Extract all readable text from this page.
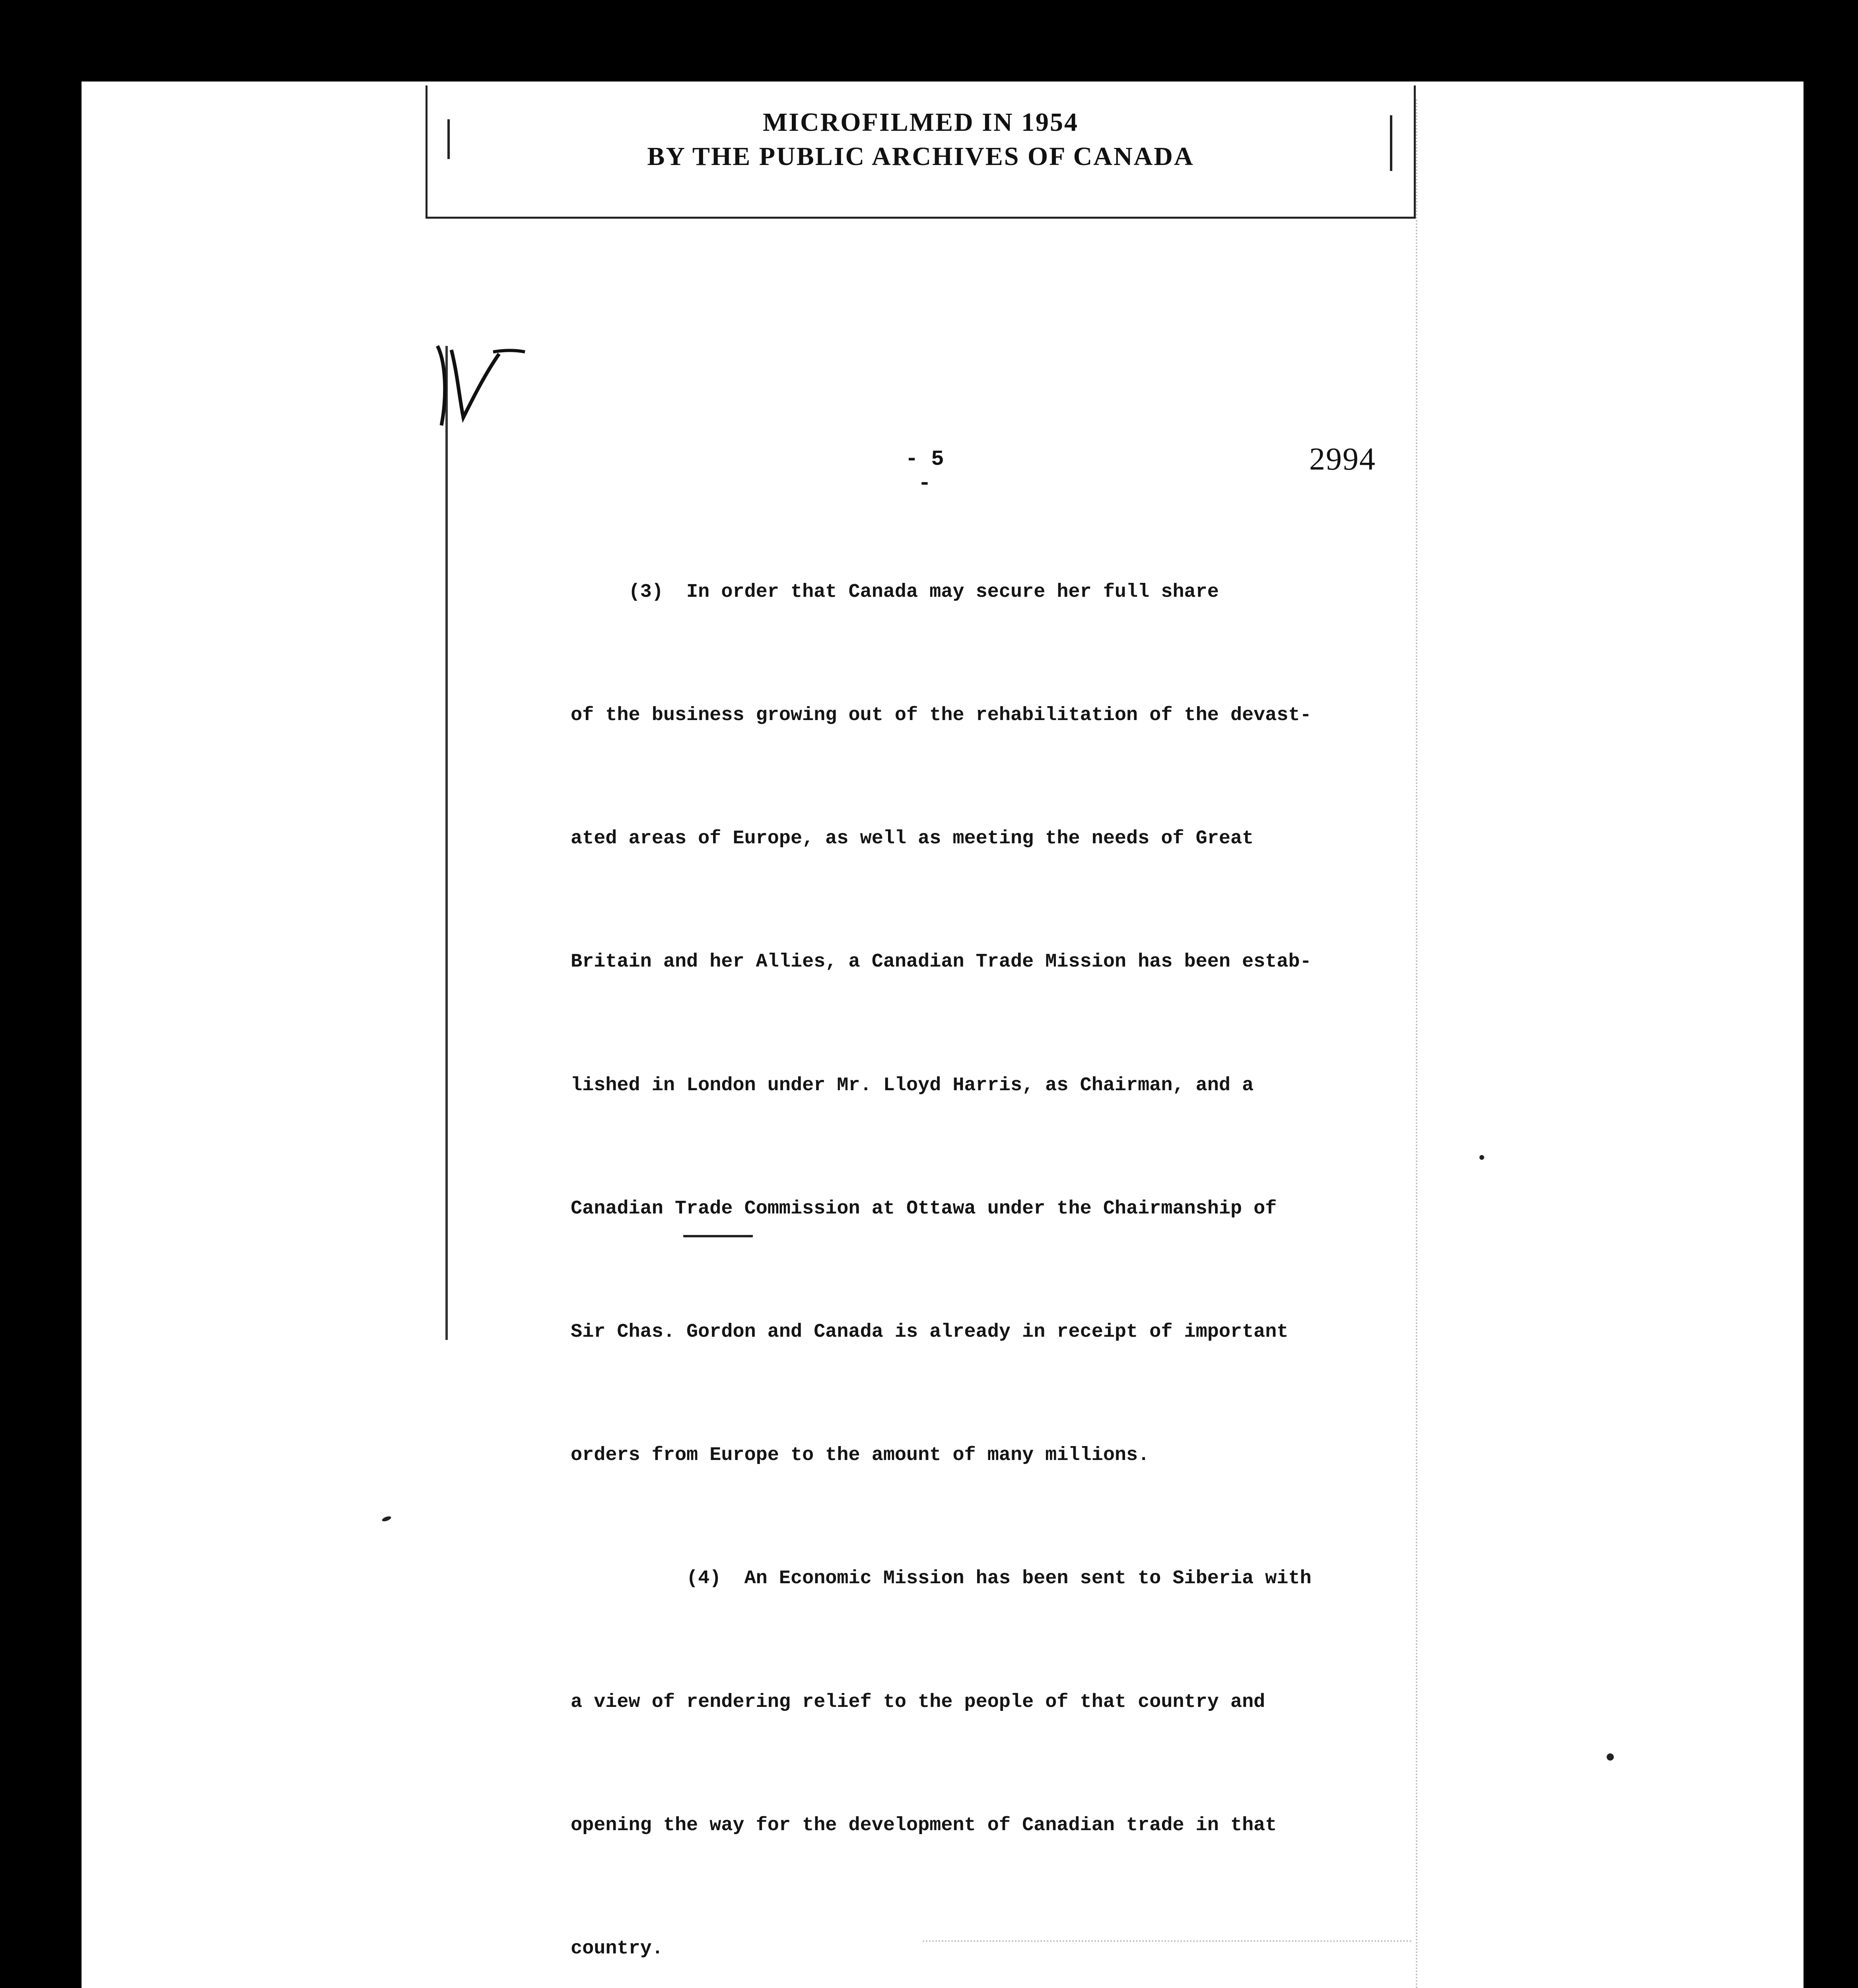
MICROFILMED IN 1954
BY THE PUBLIC ARCHIVES OF CANADA
- 5 -
2994

(3)  In order that Canada may secure her full share

of the business growing out of the rehabilitation of the devast-

ated areas of Europe, as well as meeting the needs of Great

Britain and her Allies, a Canadian Trade Mission has been estab-

lished in London under Mr. Lloyd Harris, as Chairman, and a

Canadian Trade Commission at Ottawa under the Chairmanship of

Sir Chas. Gordon and Canada is already in receipt of important

orders from Europe to the amount of many millions.

(4)  An Economic Mission has been sent to Siberia with

a view of rendering relief to the people of that country and

opening the way for the development of Canadian trade in that

country.
